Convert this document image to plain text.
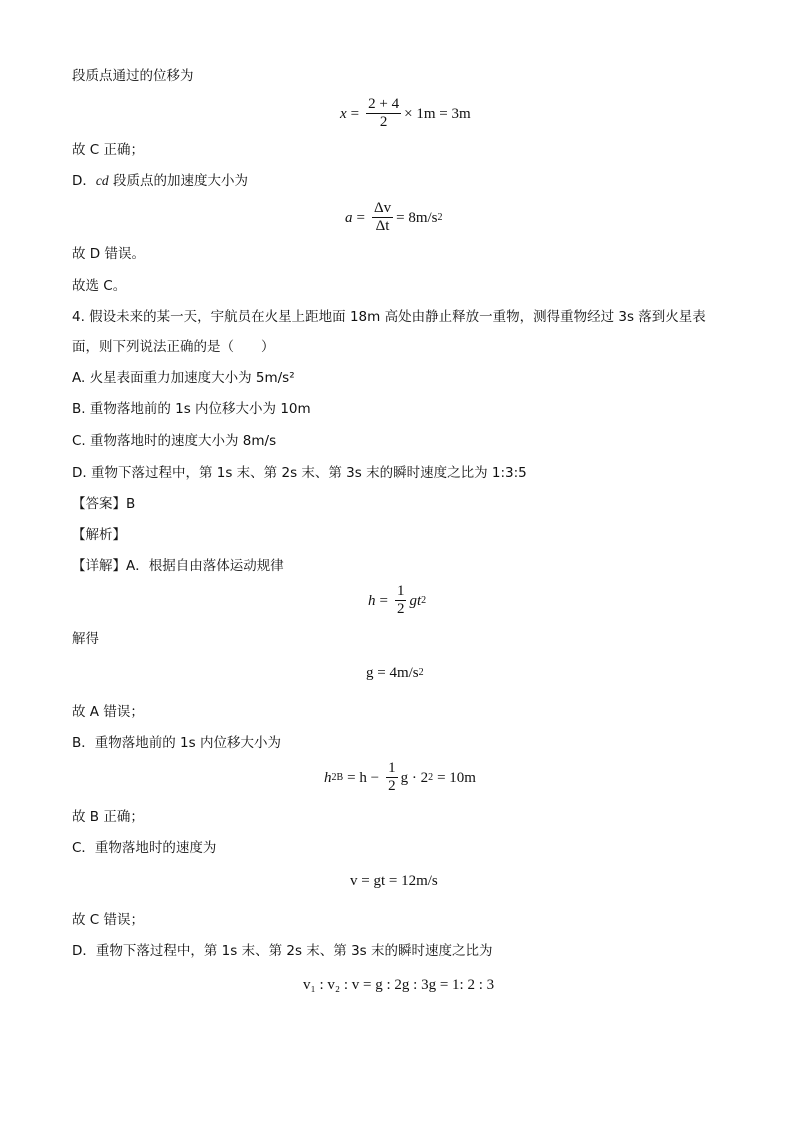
段质点通过的位移为
$x = \frac{2 + 4}{2} \times 1m = 3m$
故 C 正确；
D．cd 段质点的加速度大小为
$a = \frac{\Delta v}{\Delta t} = 8m/s$ 2
故 D 错误。
故选 C。
4. 假设未来的某一天，宇航员在火星上距地面 18m 高处由静止释放一重物，测得重物经过 3s 落到火星表
面，则下列说法正确的是（　　）
A. 火星表面重力加速度大小为 5m/s²
B. 重物落地前的 1s 内位移大小为 10m
C. 重物落地时的速度大小为 8m/s
D. 重物下落过程中，第 1s 末、第 2s 末、第 3s 末的瞬时速度之比为 1:3:5
【答案】B
【解析】
【详解】A．根据自由落体运动规律
$h = \frac{1}{2}$ gt 2
解得
g = 4m/s 2
故 A 错误；
B．重物落地前的 1s 内位移大小为
h $2B = h - \frac{1}{2}$ g · 2 2 = 10m
故 B 正确；
C．重物落地时的速度为
v = gt = 12m/s
故 C 错误；
D．重物下落过程中，第 1s 末、第 2s 末、第 3s 末的瞬时速度之比为
v₁ : v₂ : v = g : 2g : 3g = 1: 2 : 3
